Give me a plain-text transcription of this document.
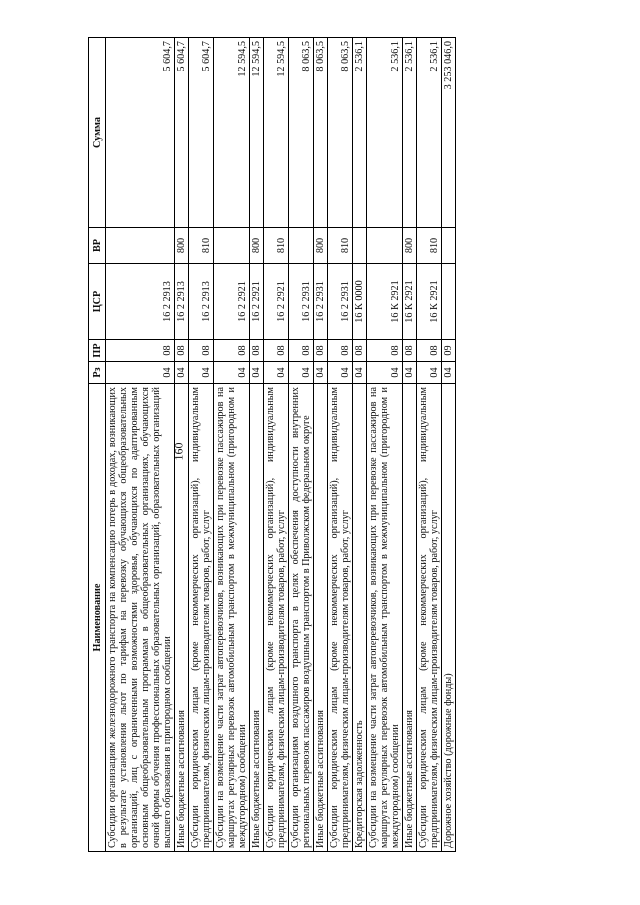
160
Наименование	Рз	ПР	ЦСР	ВР	Сумма
Субсидии организациям железнодорожного транспорта на компенсацию потерь в доходах, возникающих в результате установления льгот по тарифам на перевозку обучающихся общеобразовательных организаций, лиц с ограниченными возможностями здоровья, обучающихся по адаптированным основным общеобразовательным программам в общеобразовательных организациях, обучающихся очной формы обучения профессиональных образовательных организаций, образовательных организаций высшего образования в пригородном сообщении	04	08	16 2 2913		5 604,7
Иные бюджетные ассигнования	04	08	16 2 2913	800	5 604,7
Субсидии юридическим лицам (кроме некоммерческих организаций), индивидуальным предпринимателям, физическим лицам-производителям товаров, работ, услуг	04	08	16 2 2913	810	5 604,7
Субсидии на возмещение части затрат автоперевозчиков, возникающих при перевозке пассажиров на маршрутах регулярных перевозок автомобильным транспортом в межмуниципальном (пригородном и междугородном) сообщении	04	08	16 2 2921		12 594,5
Иные бюджетные ассигнования	04	08	16 2 2921	800	12 594,5
Субсидии юридическим лицам (кроме некоммерческих организаций), индивидуальным предпринимателям, физическим лицам-производителям товаров, работ, услуг	04	08	16 2 2921	810	12 594,5
Субсидии организациям воздушного транспорта в целях обеспечения доступности внутренних региональных перевозок пассажиров воздушным транспортом в Приволжском федеральном округе	04	08	16 2 2931		8 063,5
Иные бюджетные ассигнования	04	08	16 2 2931	800	8 063,5
Субсидии юридическим лицам (кроме некоммерческих организаций), индивидуальным предпринимателям, физическим лицам-производителям товаров, работ, услуг	04	08	16 2 2931	810	8 063,5
Кредиторская задолженность	04	08	16 К 0000		2 536,1
Субсидии на возмещение части затрат автоперевозчиков, возникающих при перевозке пассажиров на маршрутах регулярных перевозок автомобильным транспортом в межмуниципальном (пригородном и междугородном) сообщении	04	08	16 К 2921		2 536,1
Иные бюджетные ассигнования	04	08	16 К 2921	800	2 536,1
Субсидии юридическим лицам (кроме некоммерческих организаций), индивидуальным предпринимателям, физическим лицам-производителям товаров, работ, услуг	04	08	16 К 2921	810	2 536,1
Дорожное хозяйство (дорожные фонды)	04	09			3 253 046,0
